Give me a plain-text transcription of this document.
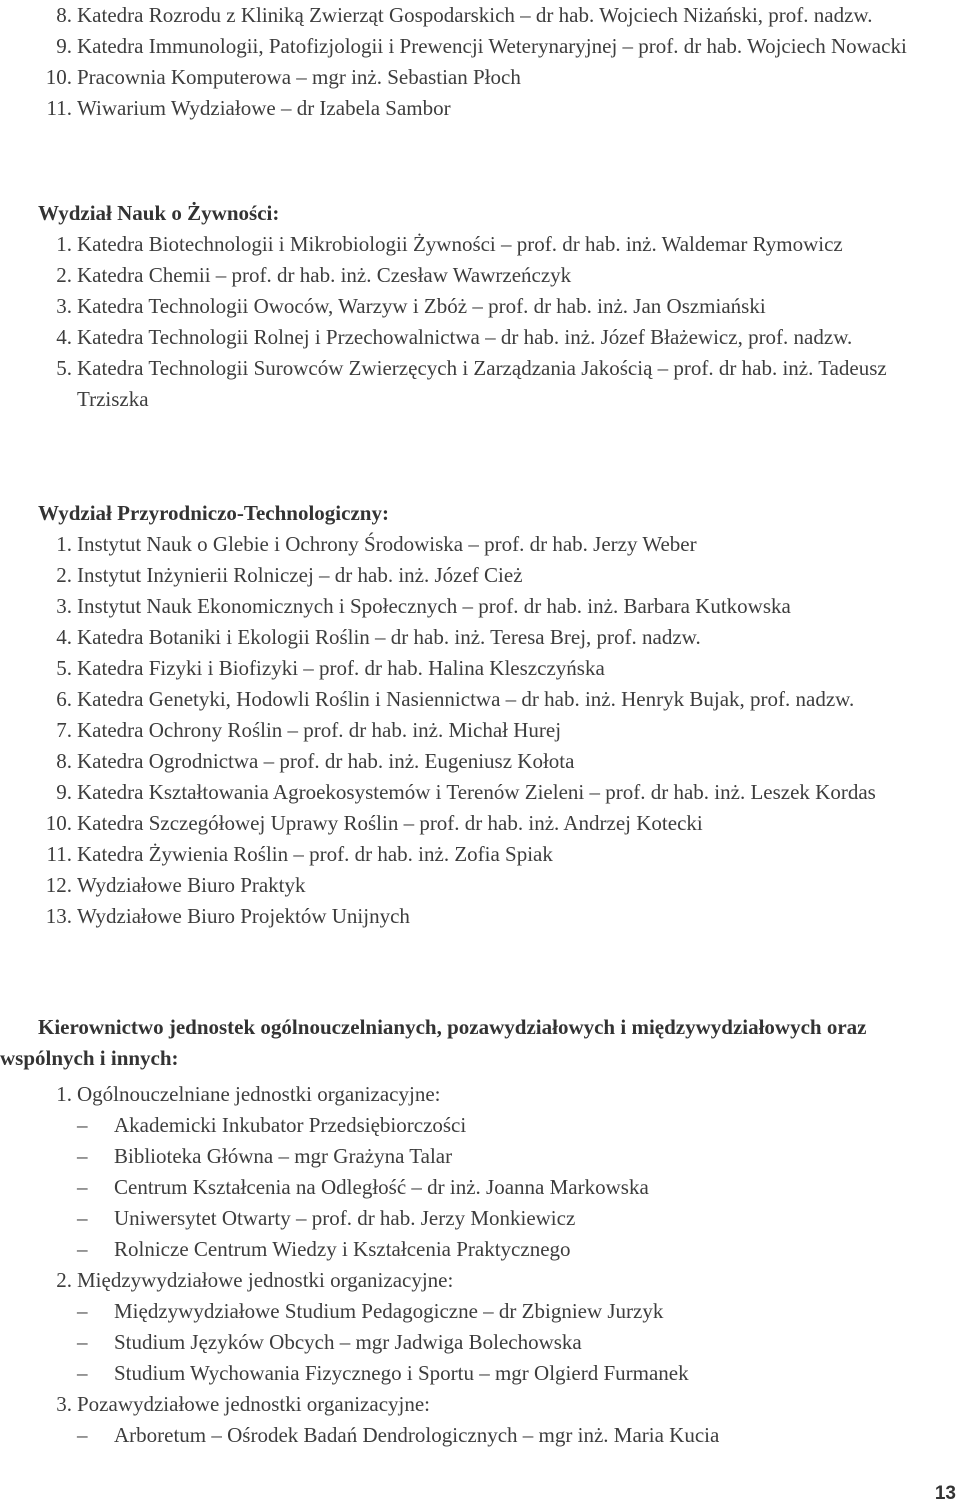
8. Katedra Rozrodu z Kliniką Zwierząt Gospodarskich – dr hab. Wojciech Niżański, prof. nadzw.
9. Katedra Immunologii, Patofizjologii i Prewencji Weterynaryjnej – prof. dr hab. Wojciech Nowacki
10. Pracownia Komputerowa – mgr inż. Sebastian Płoch
11. Wiwarium Wydziałowe – dr Izabela Sambor
Wydział Nauk o Żywności:
1. Katedra Biotechnologii i Mikrobiologii Żywności – prof. dr hab. inż. Waldemar Rymowicz
2. Katedra Chemii – prof. dr hab. inż. Czesław Wawrzeńczyk
3. Katedra Technologii Owoców, Warzyw i Zbóż – prof. dr hab. inż. Jan Oszmiański
4. Katedra Technologii Rolnej i Przechowalnictwa – dr hab. inż. Józef Błażewicz, prof. nadzw.
5. Katedra Technologii Surowców Zwierzęcych i Zarządzania Jakością – prof. dr hab. inż. Tadeusz Trziszka
Wydział Przyrodniczo-Technologiczny:
1. Instytut Nauk o Glebie i Ochrony Środowiska – prof. dr hab. Jerzy Weber
2. Instytut Inżynierii Rolniczej – dr hab. inż. Józef Cież
3. Instytut Nauk Ekonomicznych i Społecznych – prof. dr hab. inż. Barbara Kutkowska
4. Katedra Botaniki i Ekologii Roślin – dr hab. inż. Teresa Brej, prof. nadzw.
5. Katedra Fizyki i Biofizyki – prof. dr hab. Halina Kleszczyńska
6. Katedra Genetyki, Hodowli Roślin i Nasiennictwa – dr hab. inż. Henryk Bujak, prof. nadzw.
7. Katedra Ochrony Roślin – prof. dr hab. inż. Michał Hurej
8. Katedra Ogrodnictwa – prof. dr hab. inż. Eugeniusz Kołota
9. Katedra Kształtowania Agroekosystemów i Terenów Zieleni – prof. dr hab. inż. Leszek Kordas
10. Katedra Szczegółowej Uprawy Roślin – prof. dr hab. inż. Andrzej Kotecki
11. Katedra Żywienia Roślin – prof. dr hab. inż. Zofia Spiak
12. Wydziałowe Biuro Praktyk
13. Wydziałowe Biuro Projektów Unijnych
Kierownictwo jednostek ogólnouczelnianych, pozawydziałowych i międzywydziałowych oraz wspólnych i innych:
1. Ogólnouczelniane jednostki organizacyjne:
– Akademicki Inkubator Przedsiębiorczości
– Biblioteka Główna – mgr Grażyna Talar
– Centrum Kształcenia na Odległość – dr inż. Joanna Markowska
– Uniwersytet Otwarty – prof. dr hab. Jerzy Monkiewicz
– Rolnicze Centrum Wiedzy i Kształcenia Praktycznego
2. Międzywydziałowe jednostki organizacyjne:
– Międzywydziałowe Studium Pedagogiczne – dr Zbigniew Jurzyk
– Studium Języków Obcych – mgr Jadwiga Bolechowska
– Studium Wychowania Fizycznego i Sportu – mgr Olgierd Furmanek
3. Pozawydziałowe jednostki organizacyjne:
– Arboretum – Ośrodek Badań Dendrologicznych – mgr inż. Maria Kucia
13
